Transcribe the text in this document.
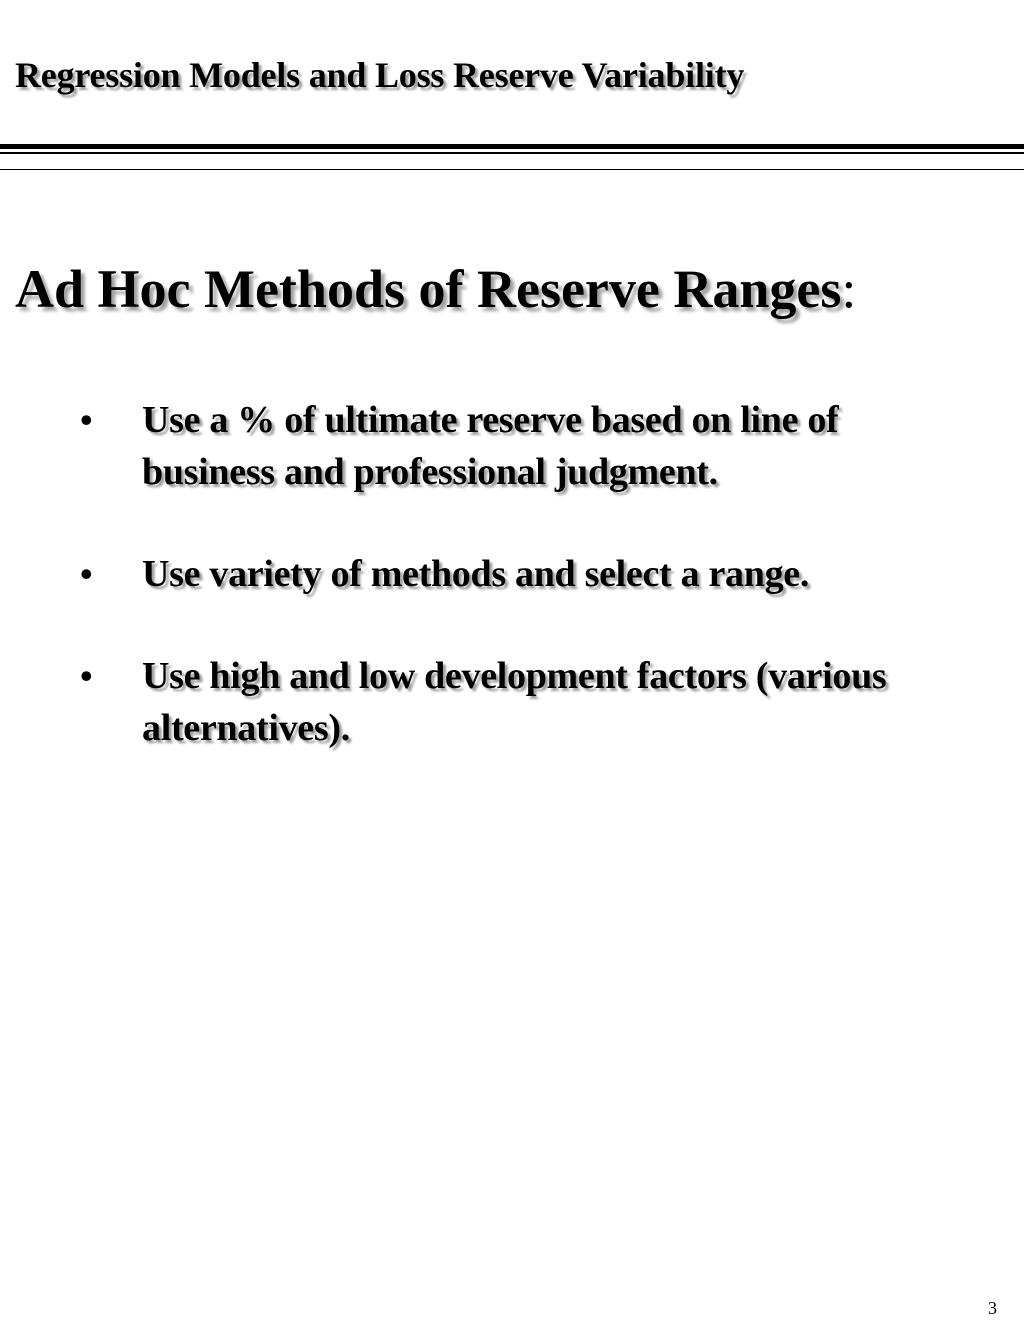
Regression Models and Loss Reserve Variability
Ad Hoc Methods of Reserve Ranges:
• Use a % of ultimate reserve based on line of business and professional judgment.
• Use variety of methods and select a range.
• Use high and low development factors (various alternatives).
3
